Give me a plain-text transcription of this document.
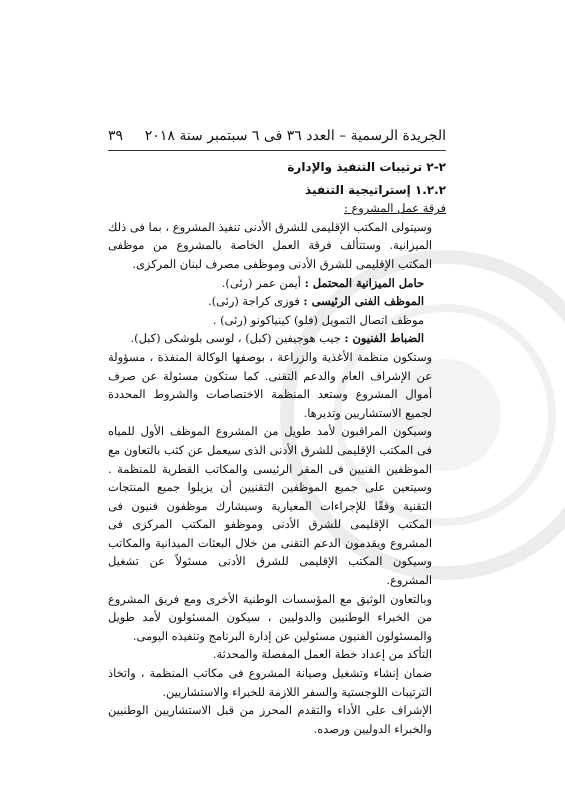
الجريدة الرسمية – العدد ٣٦ فى ٦ سبتمبر سنة ٢٠١٨
٣٩

٢-٢ ترتيبات التنفيذ والإدارة

١.٢.٢ إستراتيجية التنفيذ

فرقة عمل المشروع :

وسيتولى المكتب الإقليمى للشرق الأدنى تنفيذ المشروع ، بما فى ذلك الميزانية. وستتألف فرقة العمل الخاصة بالمشروع من موظفى المكتب الإقليمى للشرق الأدنى وموظفى مصرف لبنان المركزى.

حامل الميزانية المحتمل : أيمن عمر (رئى).

الموظف الفنى الرئيسى : فوزى كراجة (رئى).

موظف اتصال التمويل (فلو) كينياكونو (رئى) .

الضباط الفنيون : جيب هوجيفين (كبل) ، لوسى بلوشكى (كبل).

وستكون منظمة الأغذية والزراعة ، بوصفها الوكالة المنفذة ، مسؤولة عن الإشراف العام والدعم التقنى. كما ستكون مسئولة عن صرف أموال المشروع وستعد المنظمة الاختصاصات والشروط المحددة لجميع الاستشاريين وتديرها.

وسيكون المراقبون لأمد طويل من المشروع الموظف الأول للمياه فى المكتب الإقليمى للشرق الأدنى الذى سيعمل عن كثب بالتعاون مع الموظفين الفنيين فى المقر الرئيسى والمكاتب القطرية للمنظمة . وسيتعين على جميع الموظفين التقنيين أن يزيلوا جميع المنتجات التقنية وفقًا للإجراءات المعيارية وسيشارك موظفون فنيون فى المكتب الإقليمى للشرق الأدنى وموظفو المكتب المركزى فى المشروع ويقدمون الدعم التقنى من خلال البعثات الميدانية والمكاتب وسيكون المكتب الإقليمى للشرق الأدنى مسئولاً عن تشغيل المشروع.

وبالتعاون الوثيق مع المؤسسات الوطنية الأخرى ومع فريق المشروع من الخبراء الوطنيين والدوليين ، سيكون المسئولون لأمد طويل والمسئولون الفنيون مسئولين عن إدارة البرنامج وتنفيذه اليومى.

التأكد من إعداد خطة العمل المفصلة والمحدثة.

ضمان إنشاء وتشغيل وصيانة المشروع فى مكاتب المنظمة ، واتخاذ الترتيبات اللوجستية والسفر اللازمة للخبراء والاستشاريين.

الإشراف على الأداء والتقدم المحرز من قبل الاستشاريين الوطنيين والخبراء الدوليين ورصده.
